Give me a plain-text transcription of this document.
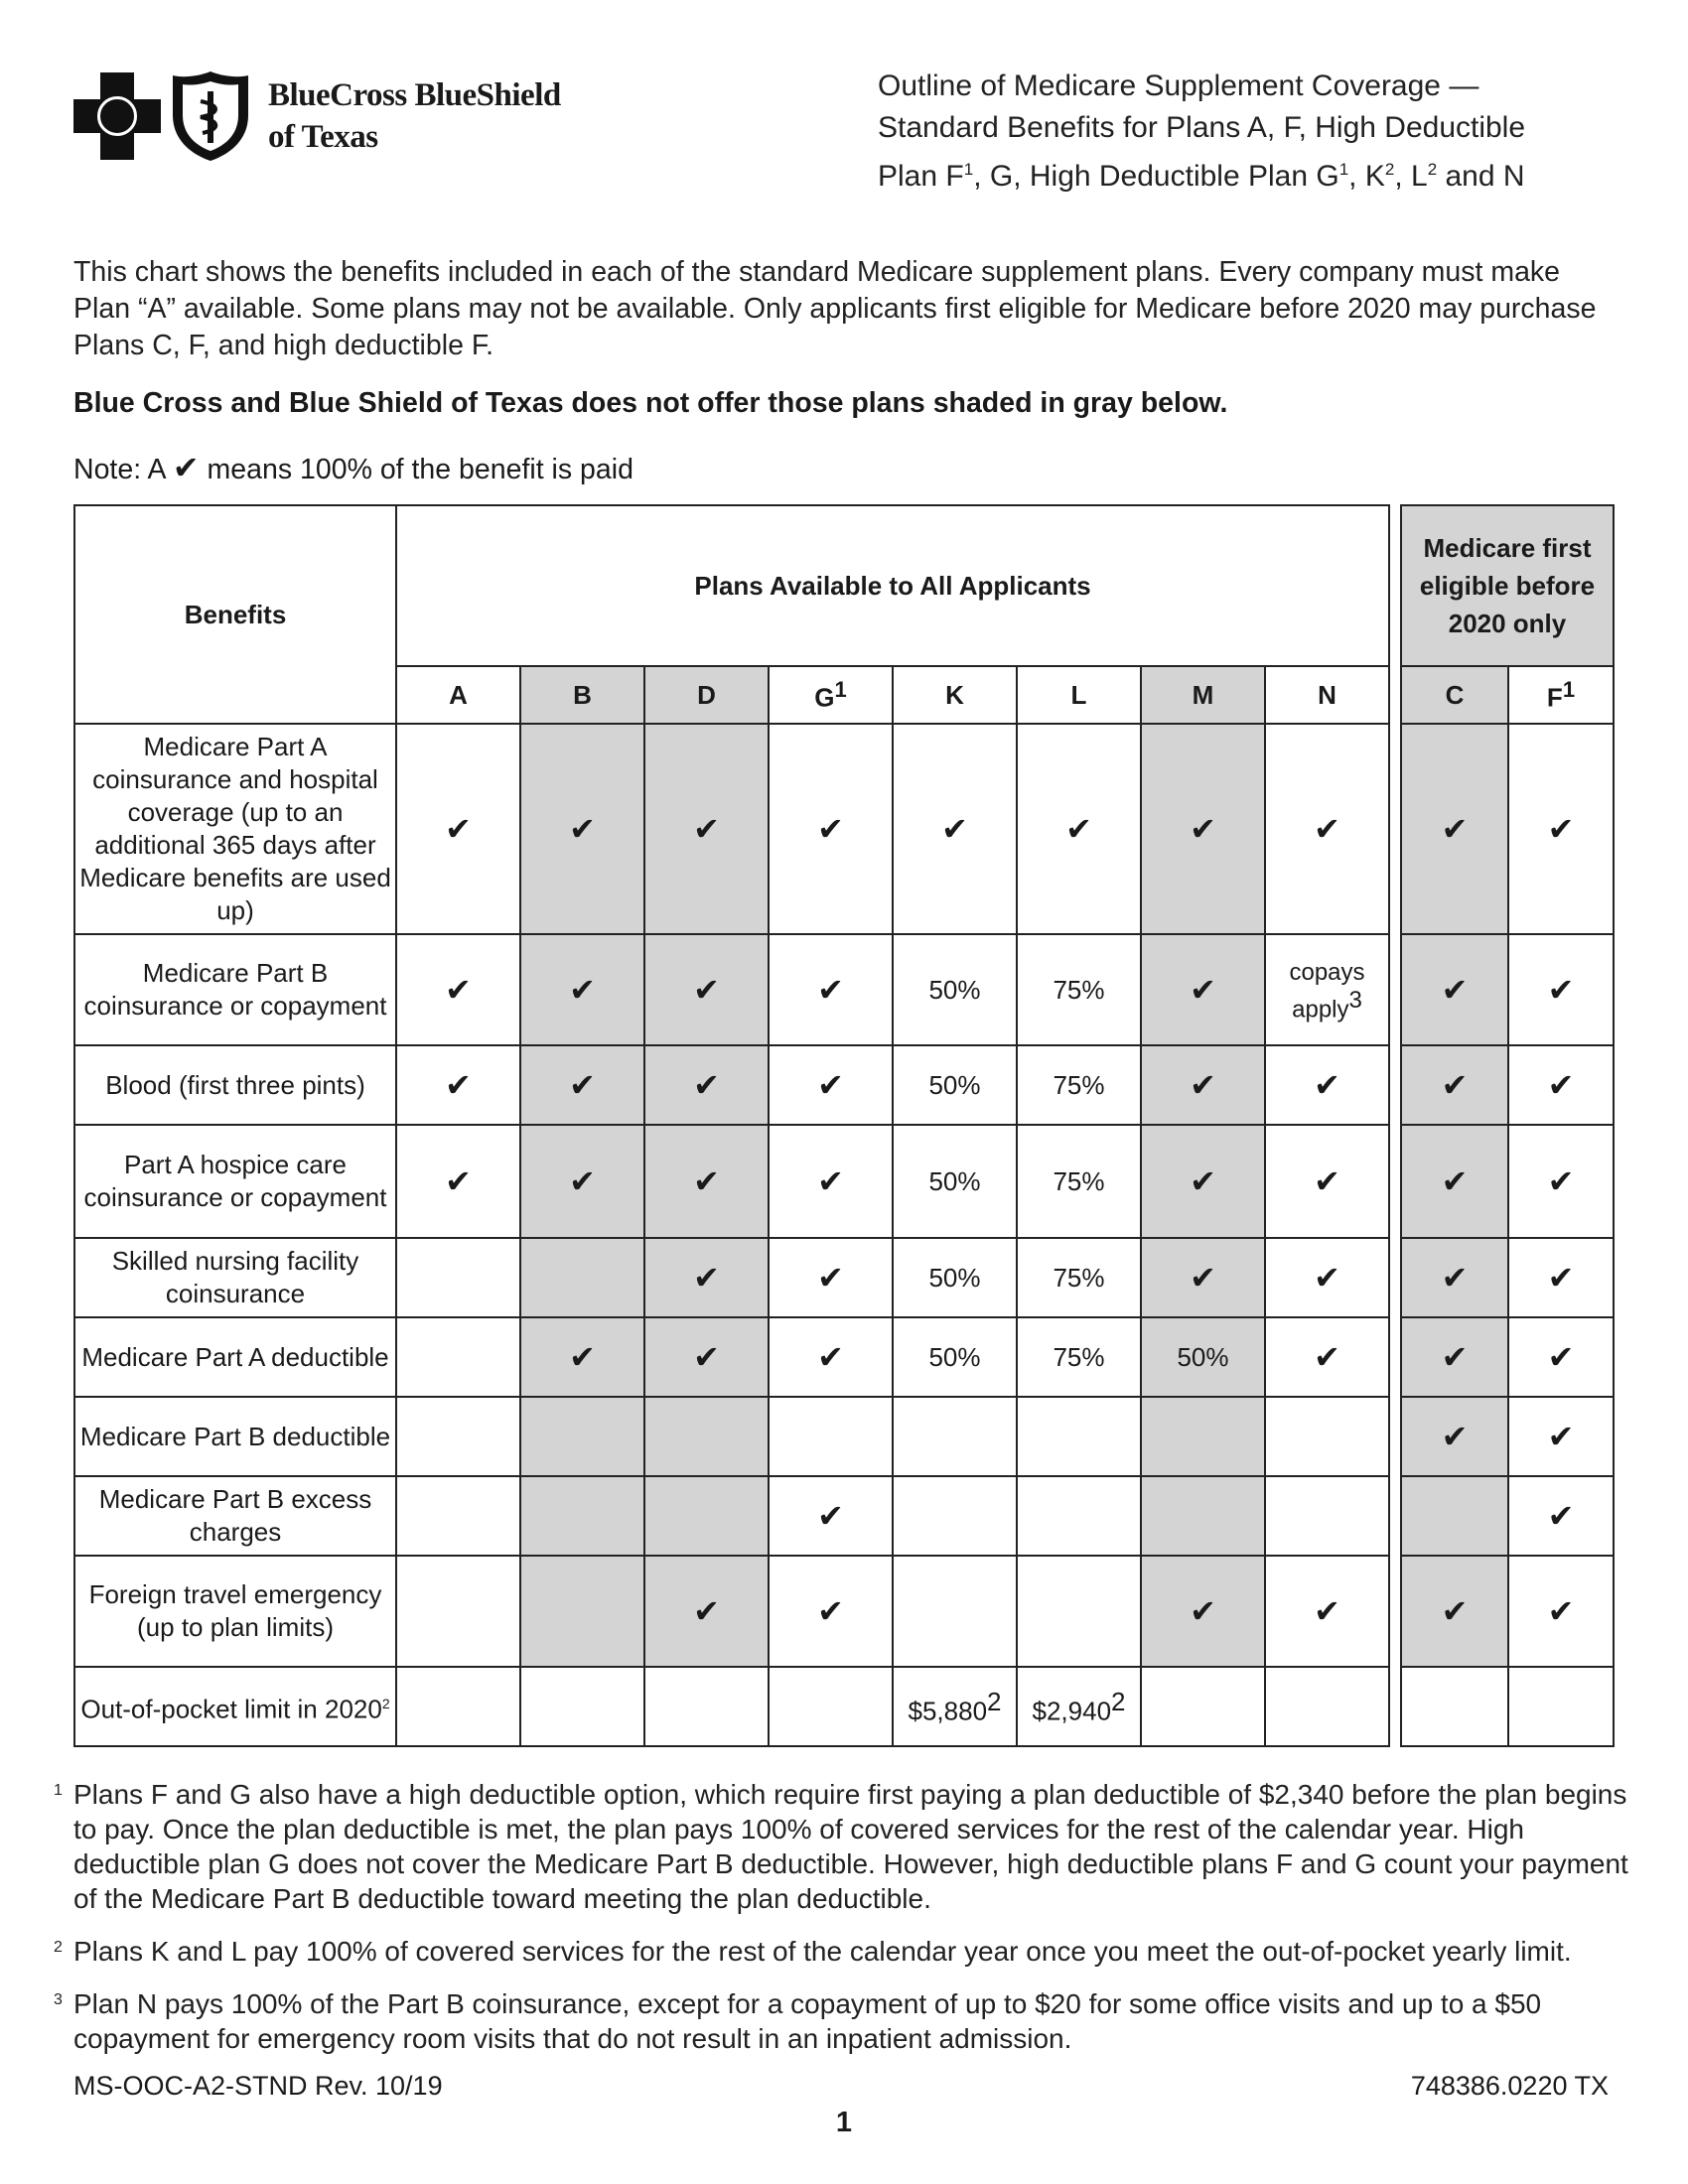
BlueCross BlueShield
of Texas
Outline of Medicare Supplement Coverage —
Standard Benefits for Plans A, F, High Deductible
Plan $F^1$, G, High Deductible Plan $G^1$, $K^2$, $L^2$ and N

This chart shows the benefits included in each of the standard Medicare supplement plans. Every company must make Plan “A” available. Some plans may not be available. Only applicants first eligible for Medicare before 2020 may purchase Plans C, F, and high deductible F.

Blue Cross and Blue Shield of Texas does not offer those plans shaded in gray below.

Note: A ✔ means 100% of the benefit is paid

Benefits	Plans Available to All Applicants									Medicare first eligible before 2020 only	
	A	B	D	$G^1$	K	L	M	N		C	$F^1$
Medicare Part A coinsurance and hospital coverage (up to an additional 365 days after Medicare benefits are used up)	✔	✔	✔	✔	✔	✔	✔	✔		✔	✔
Medicare Part B coinsurance or copayment	✔	✔	✔	✔	50%	75%	✔	copays apply$^3$		✔	✔
Blood (first three pints)	✔	✔	✔	✔	50%	75%	✔	✔		✔	✔
Part A hospice care coinsurance or copayment	✔	✔	✔	✔	50%	75%	✔	✔		✔	✔
Skilled nursing facility coinsurance			✔	✔	50%	75%	✔	✔		✔	✔
Medicare Part A deductible		✔	✔	✔	50%	75%	50%	✔		✔	✔
Medicare Part B deductible										✔	✔
Medicare Part B excess charges				✔							✔
Foreign travel emergency (up to plan limits)			✔	✔			✔	✔		✔	✔
Out-of-pocket limit in 2020$^2$					$5,880$^2$	$2,940$^2$					
1 Plans F and G also have a high deductible option, which require first paying a plan deductible of $2,340 before the plan begins to pay. Once the plan deductible is met, the plan pays 100% of covered services for the rest of the calendar year. High deductible plan G does not cover the Medicare Part B deductible. However, high deductible plans F and G count your payment of the Medicare Part B deductible toward meeting the plan deductible.
2 Plans K and L pay 100% of covered services for the rest of the calendar year once you meet the out-of-pocket yearly limit.
3 Plan N pays 100% of the Part B coinsurance, except for a copayment of up to $20 for some office visits and up to a $50 copayment for emergency room visits that do not result in an inpatient admission.
MS-OOC-A2-STND Rev. 10/19
1
748386.0220 TX
